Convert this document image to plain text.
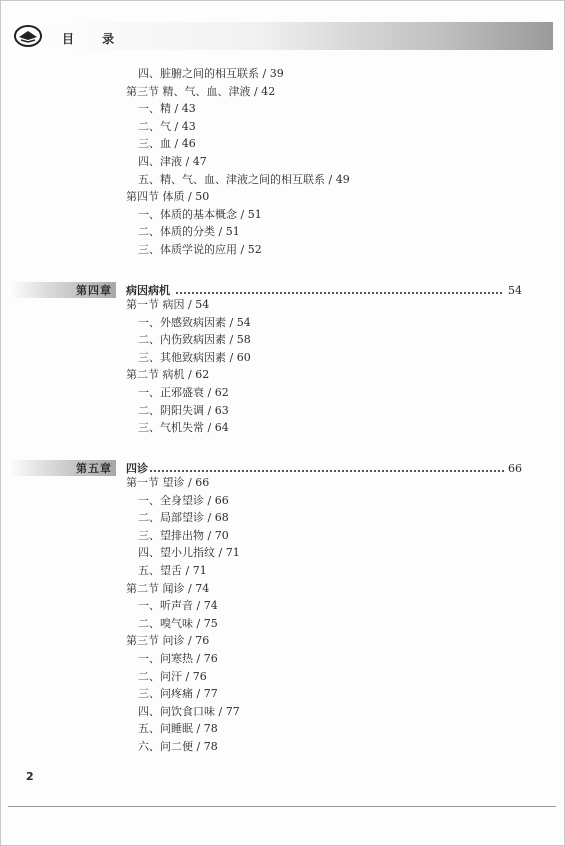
目 录
四、脏腑之间的相互联系 / 39
第三节 精、气、血、津液 / 42
一、精 / 43
二、气 / 43
三、血 / 46
四、津液 / 47
五、精、气、血、津液之间的相互联系 / 49
第四节 体质 / 50
一、体质的基本概念 / 51
二、体质的分类 / 51
三、体质学说的应用 / 52
第四章 病因病机	54
第一节 病因 / 54
一、外感致病因素 / 54
二、内伤致病因素 / 58
三、其他致病因素 / 60
第二节 病机 / 62
一、正邪盛衰 / 62
二、阴阳失调 / 63
三、气机失常 / 64
第五章 四诊	66
第一节 望诊 / 66
一、全身望诊 / 66
二、局部望诊 / 68
三、望排出物 / 70
四、望小儿指纹 / 71
五、望舌 / 71
第二节 闻诊 / 74
一、听声音 / 74
二、嗅气味 / 75
第三节 问诊 / 76
一、问寒热 / 76
二、问汗 / 76
三、问疼痛 / 77
四、问饮食口味 / 77
五、问睡眠 / 78
六、问二便 / 78
2
